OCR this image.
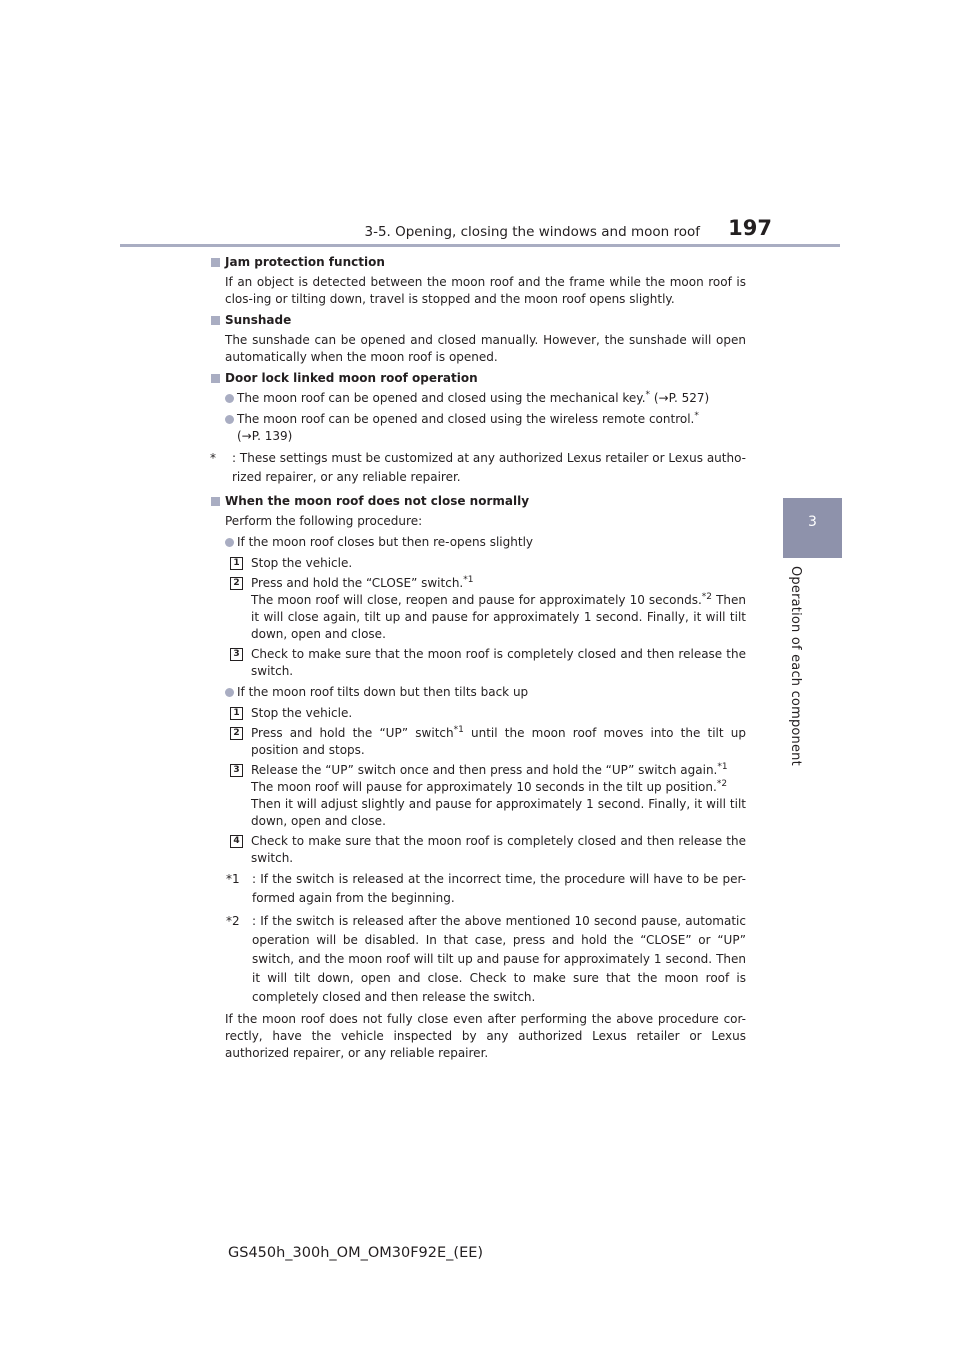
3-5. Opening, closing the windows and moon roof 197
3
Operation of each component
Jam protection function
If an object is detected between the moon roof and the frame while the moon roof is clos-ing or tilting down, travel is stopped and the moon roof opens slightly.
Sunshade
The sunshade can be opened and closed manually. However, the sunshade will open automatically when the moon roof is opened.
Door lock linked moon roof operation
The moon roof can be opened and closed using the mechanical key.* (→P. 527)
The moon roof can be opened and closed using the wireless remote control.*
(→P. 139)
* : These settings must be customized at any authorized Lexus retailer or Lexus autho-rized repairer, or any reliable repairer.
When the moon roof does not close normally
Perform the following procedure:
If the moon roof closes but then re-opens slightly
1 Stop the vehicle.
2 Press and hold the “CLOSE” switch.$^{*1}$
The moon roof will close, reopen and pause for approximately 10 seconds.$^{*2}$ Then it will close again, tilt up and pause for approximately 1 second. Finally, it will tilt down, open and close.
3 Check to make sure that the moon roof is completely closed and then release the switch.
If the moon roof tilts down but then tilts back up
1 Stop the vehicle.
2 Press and hold the “UP” switch$^{*1}$ until the moon roof moves into the tilt up position and stops.
3 Release the “UP” switch once and then press and hold the “UP” switch again.$^{*1}$
The moon roof will pause for approximately 10 seconds in the tilt up position.$^{*2}$
Then it will adjust slightly and pause for approximately 1 second. Finally, it will tilt down, open and close.
4 Check to make sure that the moon roof is completely closed and then release the switch.
*1 : If the switch is released at the incorrect time, the procedure will have to be per-formed again from the beginning.
*2 : If the switch is released after the above mentioned 10 second pause, automatic operation will be disabled. In that case, press and hold the “CLOSE” or “UP” switch, and the moon roof will tilt up and pause for approximately 1 second. Then it will tilt down, open and close. Check to make sure that the moon roof is completely closed and then release the switch.
If the moon roof does not fully close even after performing the above procedure cor-rectly, have the vehicle inspected by any authorized Lexus retailer or Lexus authorized repairer, or any reliable repairer.
GS450h_300h_OM_OM30F92E_(EE)
